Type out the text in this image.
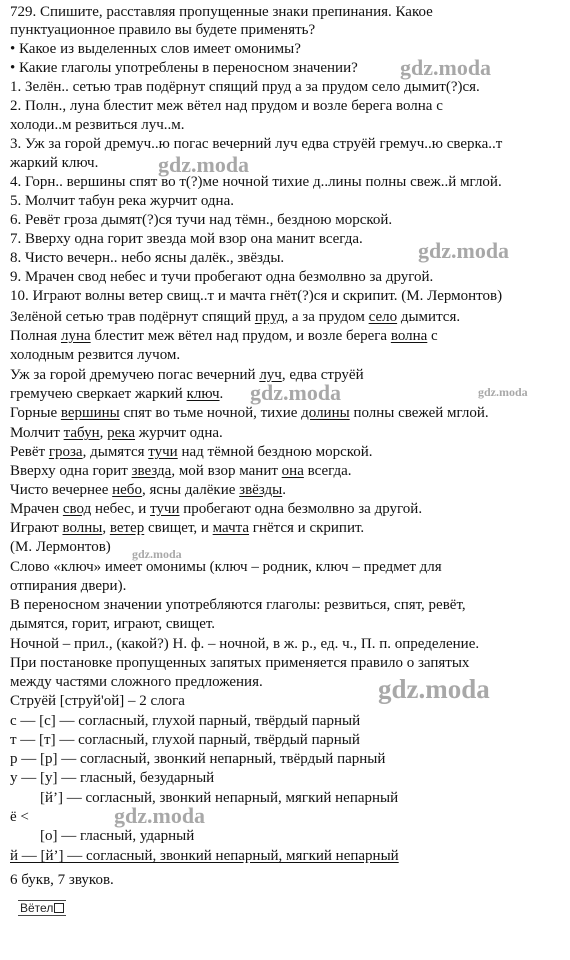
729. Спишите, расставляя пропущенные знаки препинания. Какое
пунктуационное правило вы будете применять?
• Какое из выделенных слов имеет омонимы?
• Какие глаголы употреблены в переносном значении?
1. Зелён.. сетью трав подёрнут спящий пруд а за прудом село дымит(?)ся.
2. Полн., луна блестит меж вётел над прудом и возле берега волна с
холоди..м резвиться луч..м.
3. Уж за горой дремуч..ю погас вечерний луч едва струёй гремуч..ю сверка..т
жаркий ключ.
4. Горн.. вершины спят во т(?)ме ночной тихие д..лины полны свеж..й мглой.
5. Молчит табун река журчит одна.
6. Ревёт гроза дымят(?)ся тучи над тёмн., бездною морской.
7. Вверху одна горит звезда мой взор она манит всегда.
8. Чисто вечерн.. небо ясны далёк., звёзды.
9. Мрачен свод небес и тучи пробегают одна безмолвно за другой.
10. Играют волны ветер свищ..т и мачта гнёт(?)ся и скрипит. (М. Лермонтов)
Зелёной сетью трав подёрнут спящий пруд, а за прудом село дымится.
Полная луна блестит меж вётел над прудом, и возле берега волна с
холодным резвится лучом.
Уж за горой дремучею погас вечерний луч, едва струёй
гремучею сверкает жаркий ключ.
Горные вершины спят во тьме ночной, тихие долины полны свежей мглой.
Молчит табун, река журчит одна.
Ревёт гроза, дымятся тучи над тёмной бездною морской.
Вверху одна горит звезда, мой взор манит она всегда.
Чисто вечернее небо, ясны далёкие звёзды.
Мрачен свод небес, и тучи пробегают одна безмолвно за другой.
Играют волны, ветер свищет, и мачта гнётся и скрипит.
(М. Лермонтов)
Слово «ключ» имеет омонимы (ключ – родник, ключ – предмет для
отпирания двери).
В переносном значении употребляются глаголы: резвиться, спят, ревёт,
дымятся, горит, играют, свищет.
Ночной – прил., (какой?) Н. ф. – ночной, в ж. р., ед. ч., П. п. определение.
При постановке пропущенных запятых применяется правило о запятых
между частями сложного предложения.
Струёй [струй'ой] – 2 слога
с — [с] — согласный, глухой парный, твёрдый парный
т — [т] — согласный, глухой парный, твёрдый парный
р — [р] — согласный, звонкий непарный, твёрдый парный
у — [у] — гласный, безударный
[й’] — согласный, звонкий непарный, мягкий непарный
ё <
[о] — гласный, ударный
й — [й’] — согласный, звонкий непарный, мягкий непарный
6 букв, 7 звуков.
Вётел
gdz.moda
gdz.moda
gdz.moda
gdz.moda	gdz.moda
gdz.moda
gdz.moda
gdz.moda
